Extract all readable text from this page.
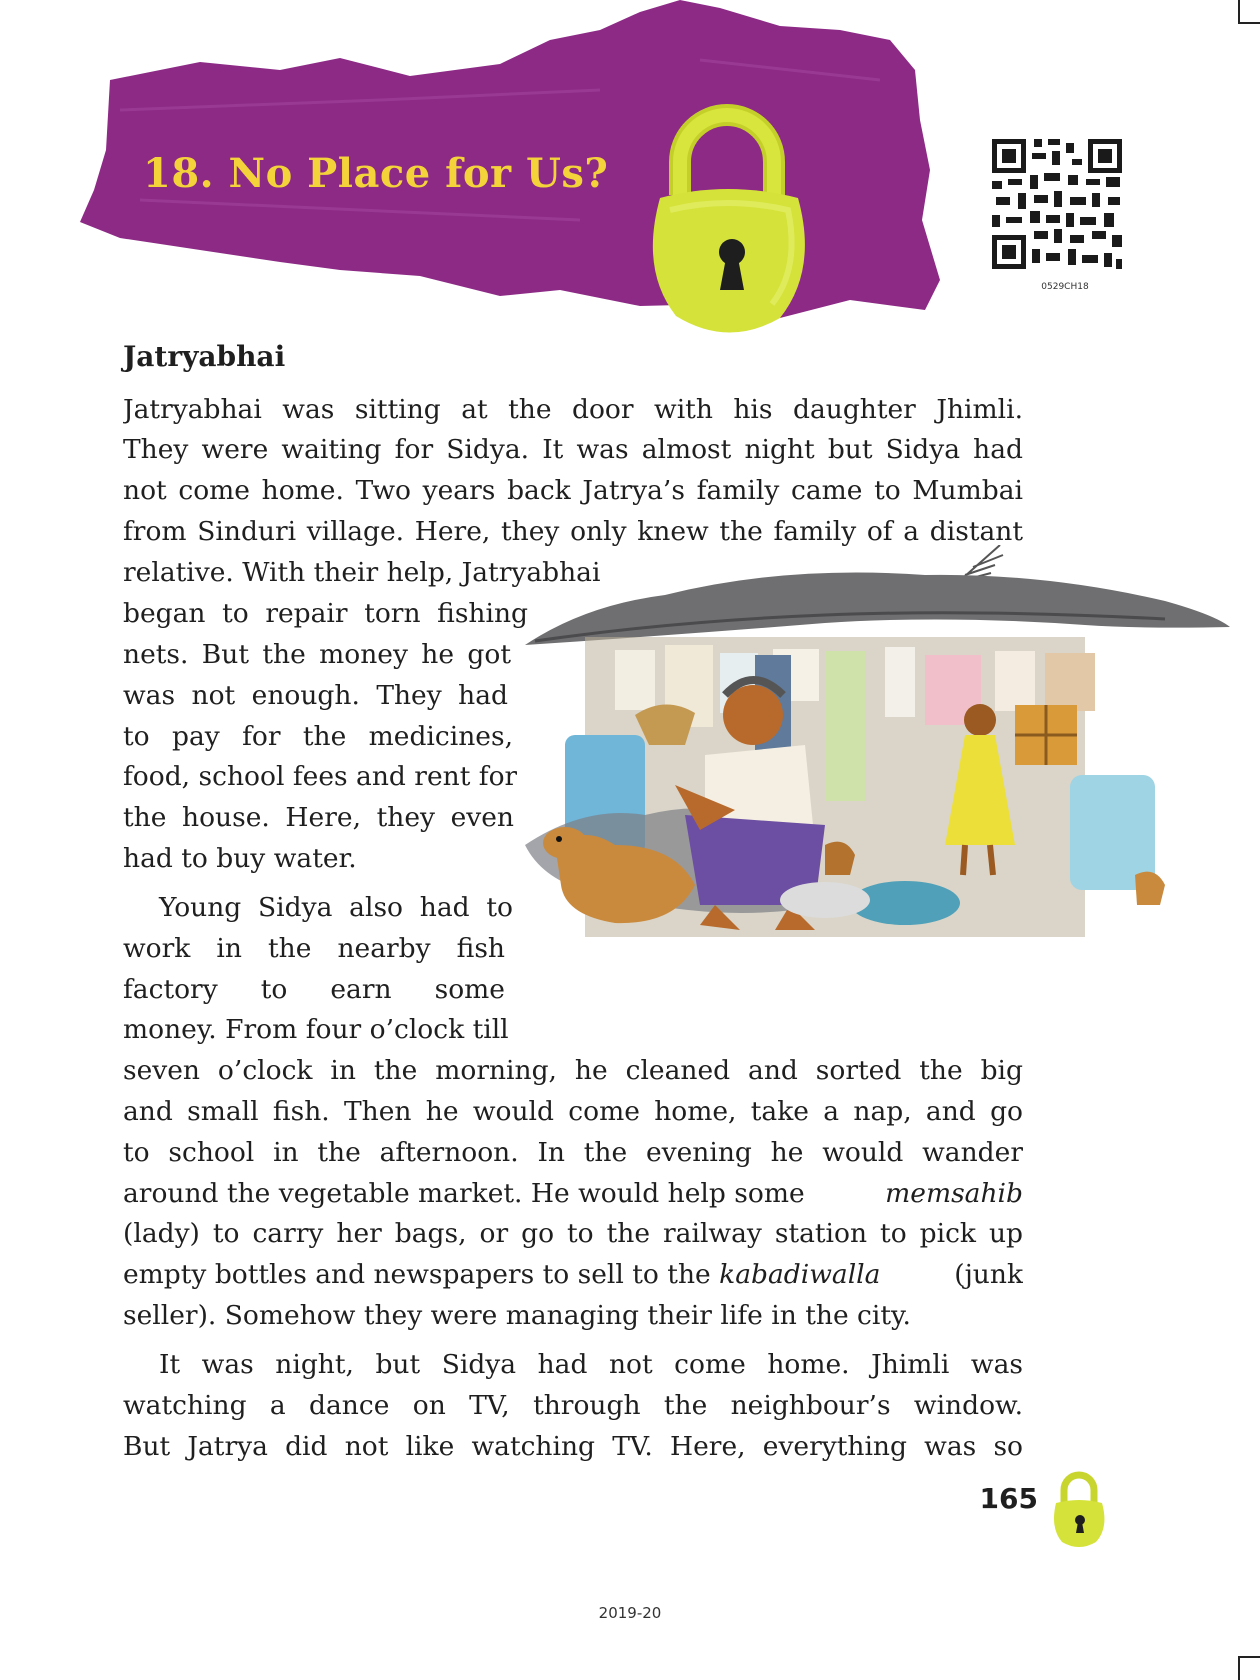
18. No Place for Us?
0529CH18
Jatryabhai
Jatryabhai was sitting at the door with his daughter Jhimli.
They were waiting for Sidya. It was almost night but Sidya had
not come home. Two years back Jatrya’s family came to Mumbai
from Sinduri village. Here, they only knew the family of a distant
relative. With their help, Jatryabhai
began to repair torn fishing
nets. But the money he got
was not enough. They had
to pay for the medicines,
food, school fees and rent for
the house. Here, they even
had to buy water.
Young Sidya also had to
work in the nearby fish
factory to earn some
money. From four o’clock till
seven o’clock in the morning, he cleaned and sorted the big
and small fish. Then he would come home, take a nap, and go
to school in the afternoon. In the evening he would wander
around the vegetable market. He would help some	memsahib
(lady) to carry her bags, or go to the railway station to pick up
empty bottles and newspapers to sell to the kabadiwalla	(junk
seller). Somehow they were managing their life in the city.
It was night, but Sidya had not come home. Jhimli was
watching a dance on TV, through the neighbour’s window.
But Jatrya did not like watching TV. Here, everything was so
165
2019-20
